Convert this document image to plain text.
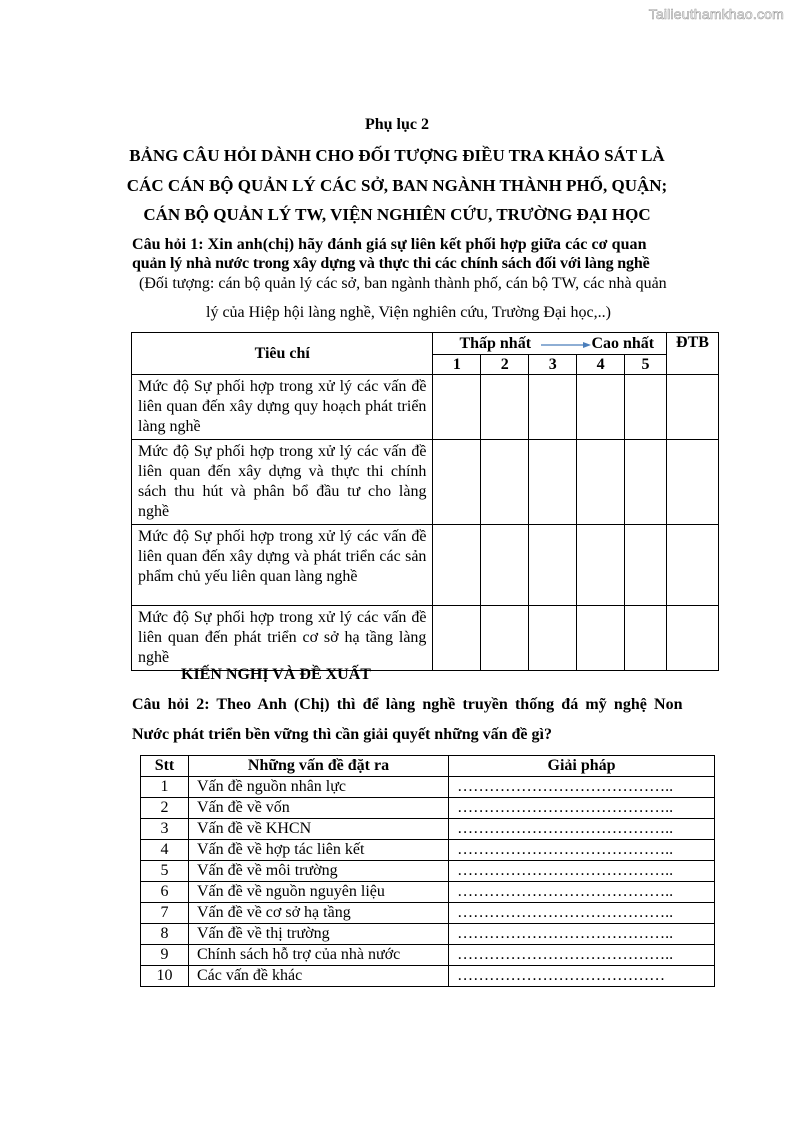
Tailieuthamkhao.com
Phụ lục 2
BẢNG CÂU HỎI DÀNH CHO ĐỐI TƯỢNG ĐIỀU TRA KHẢO SÁT LÀ
CÁC CÁN BỘ QUẢN LÝ CÁC SỞ, BAN NGÀNH THÀNH PHỐ, QUẬN;
CÁN BỘ QUẢN LÝ TW, VIỆN NGHIÊN CỨU, TRƯỜNG ĐẠI HỌC
Câu hỏi 1: Xin anh(chị) hãy đánh giá sự liên kết phối hợp giữa các cơ quan
quản lý nhà nước trong xây dựng và thực thi các chính sách đối với làng nghề
(Đối tượng: cán bộ quản lý các sở, ban ngành thành phố, cán bộ TW, các nhà quản
lý của Hiệp hội làng nghề, Viện nghiên cứu, Trường Đại học,..)
Tiêu chí	Thấp nhất Cao nhất					ĐTB
	1	2	3	4	5	
Mức độ Sự phối hợp trong xử lý các vấn đề liên quan đến xây dựng quy hoạch phát triển làng nghề						
Mức độ Sự phối hợp trong xử lý các vấn đề liên quan đến xây dựng và thực thi chính sách thu hút và phân bổ đầu tư cho làng nghề						
Mức độ Sự phối hợp trong xử lý các vấn đề liên quan đến xây dựng và phát triển các sản phẩm chủ yếu liên quan làng nghề						
Mức độ Sự phối hợp trong xử lý các vấn đề liên quan đến phát triển cơ sở hạ tầng làng nghề						
KIẾN NGHỊ VÀ ĐỀ XUẤT
Câu hỏi 2: Theo Anh (Chị) thì để làng nghề truyền thống đá mỹ nghệ Non
Nước phát triển bền vững thì cần giải quyết những vấn đề gì?
Stt	Những vấn đề đặt ra	Giải pháp
1	Vấn đề nguồn nhân lực	…………………………………..
2	Vấn đề về vốn	…………………………………..
3	Vấn đề về KHCN	…………………………………..
4	Vấn đề về hợp tác liên kết	…………………………………..
5	Vấn đề về môi trường	…………………………………..
6	Vấn đề về nguồn nguyên liệu	…………………………………..
7	Vấn đề về cơ sở hạ tầng	…………………………………..
8	Vấn đề về thị trường	…………………………………..
9	Chính sách hỗ trợ của nhà nước	…………………………………..
10	Các vấn đề khác	…………………………………
